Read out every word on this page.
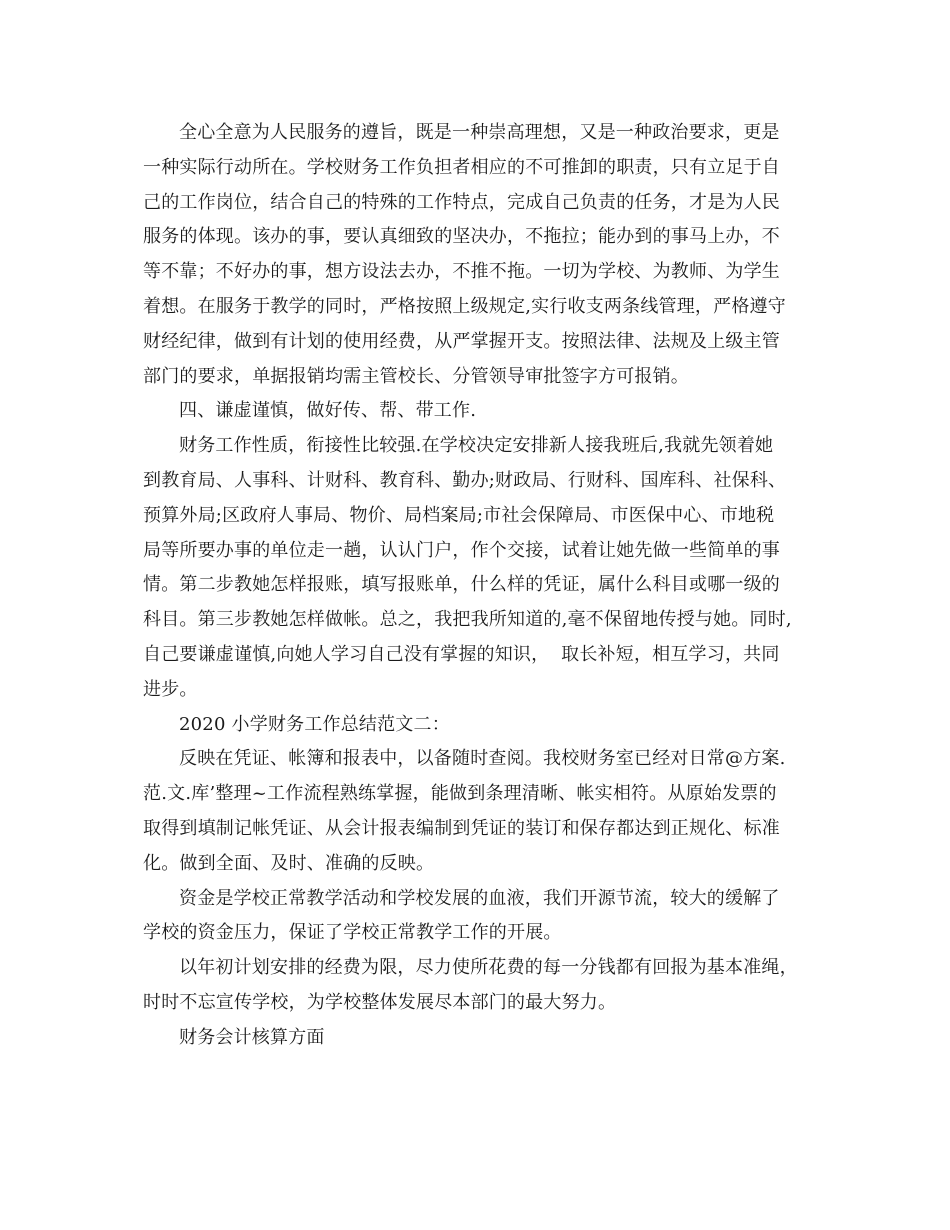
全心全意为人民服务的遵旨，既是一种崇高理想，又是一种政治要求，更是
一种实际行动所在。学校财务工作负担者相应的不可推卸的职责，只有立足于自
己的工作岗位，结合自己的特殊的工作特点，完成自己负责的任务，才是为人民
服务的体现。该办的事，要认真细致的坚决办，不拖拉；能办到的事马上办，不
等不靠；不好办的事，想方设法去办，不推不拖。一切为学校、为教师、为学生
着想。在服务于教学的同时，严格按照上级规定,实行收支两条线管理，严格遵守
财经纪律，做到有计划的使用经费，从严掌握开支。按照法律、法规及上级主管
部门的要求，单据报销均需主管校长、分管领导审批签字方可报销。
四、谦虚谨慎，做好传、帮、带工作.
财务工作性质，衔接性比较强.在学校决定安排新人接我班后,我就先领着她
到教育局、人事科、计财科、教育科、勤办;财政局、行财科、国库科、社保科、
预算外局;区政府人事局、物价、局档案局;市社会保障局、市医保中心、市地税
局等所要办事的单位走一趟，认认门户，作个交接，试着让她先做一些简单的事
情。第二步教她怎样报账，填写报账单，什么样的凭证，属什么科目或哪一级的
科目。第三步教她怎样做帐。总之，我把我所知道的,毫不保留地传授与她。同时,
自己要谦虚谨慎,向她人学习自己没有掌握的知识，  取长补短，相互学习，共同
进步。
2020 小学财务工作总结范文二：
反映在凭证、帐簿和报表中，以备随时查阅。我校财务室已经对日常@方案.
范.文.库’整理~工作流程熟练掌握，能做到条理清晰、帐实相符。从原始发票的
取得到填制记帐凭证、从会计报表编制到凭证的装订和保存都达到正规化、标准
化。做到全面、及时、准确的反映。
资金是学校正常教学活动和学校发展的血液，我们开源节流，较大的缓解了
学校的资金压力，保证了学校正常教学工作的开展。
以年初计划安排的经费为限，尽力使所花费的每一分钱都有回报为基本准绳，
时时不忘宣传学校，为学校整体发展尽本部门的最大努力。
财务会计核算方面
